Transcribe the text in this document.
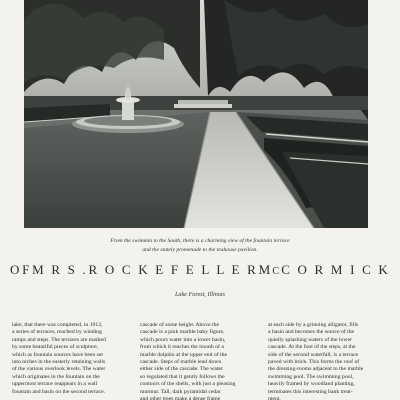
From the swimmin to the South, there is a charming view of the fountain terrace
and the stately promenade to the teahouse pavilion.
O F M R S . R O C K E F E L L E R MCC O R M I C K
Lake Forest, Illinois
lake, that there was completed, in 1912,
a series of terraces, reached by winding
ramps and steps. The terraces are marked
by some beautiful pieces of sculpture,
which as fountain sources have been set
into niches in the easterly retaining walls
of the various overlook levels. The water
which originates in the fountain on the
uppermost terrace reappears in a wall
fountain and basin on the second terrace.
cascade of some height. Above the
cascade is a pink marble baby figure,
which pours water into a lower basin,
from which it reaches the mouth of a
marble dolphin at the upper end of the
cascade. Steps of marble lead down
either side of the cascade. The water
so regulated that it gently follows the
contours of the shells, with just a pleasing
murmur. Tall, dark pyramidal cedar
and other trees make a dense frame
at each side by a grinning alligator, fills
a basin and becomes the source of the
quietly splashing waters of the lower
cascade. At the foot of the steps, at the
side of the second waterfall, is a terrace
paved with brick. This forms the roof of
the dressing-rooms adjacent to the marble
swimming pool. The swimming pool,
heavily framed by woodland planting,
terminates this interesting bank treat-
ment.
